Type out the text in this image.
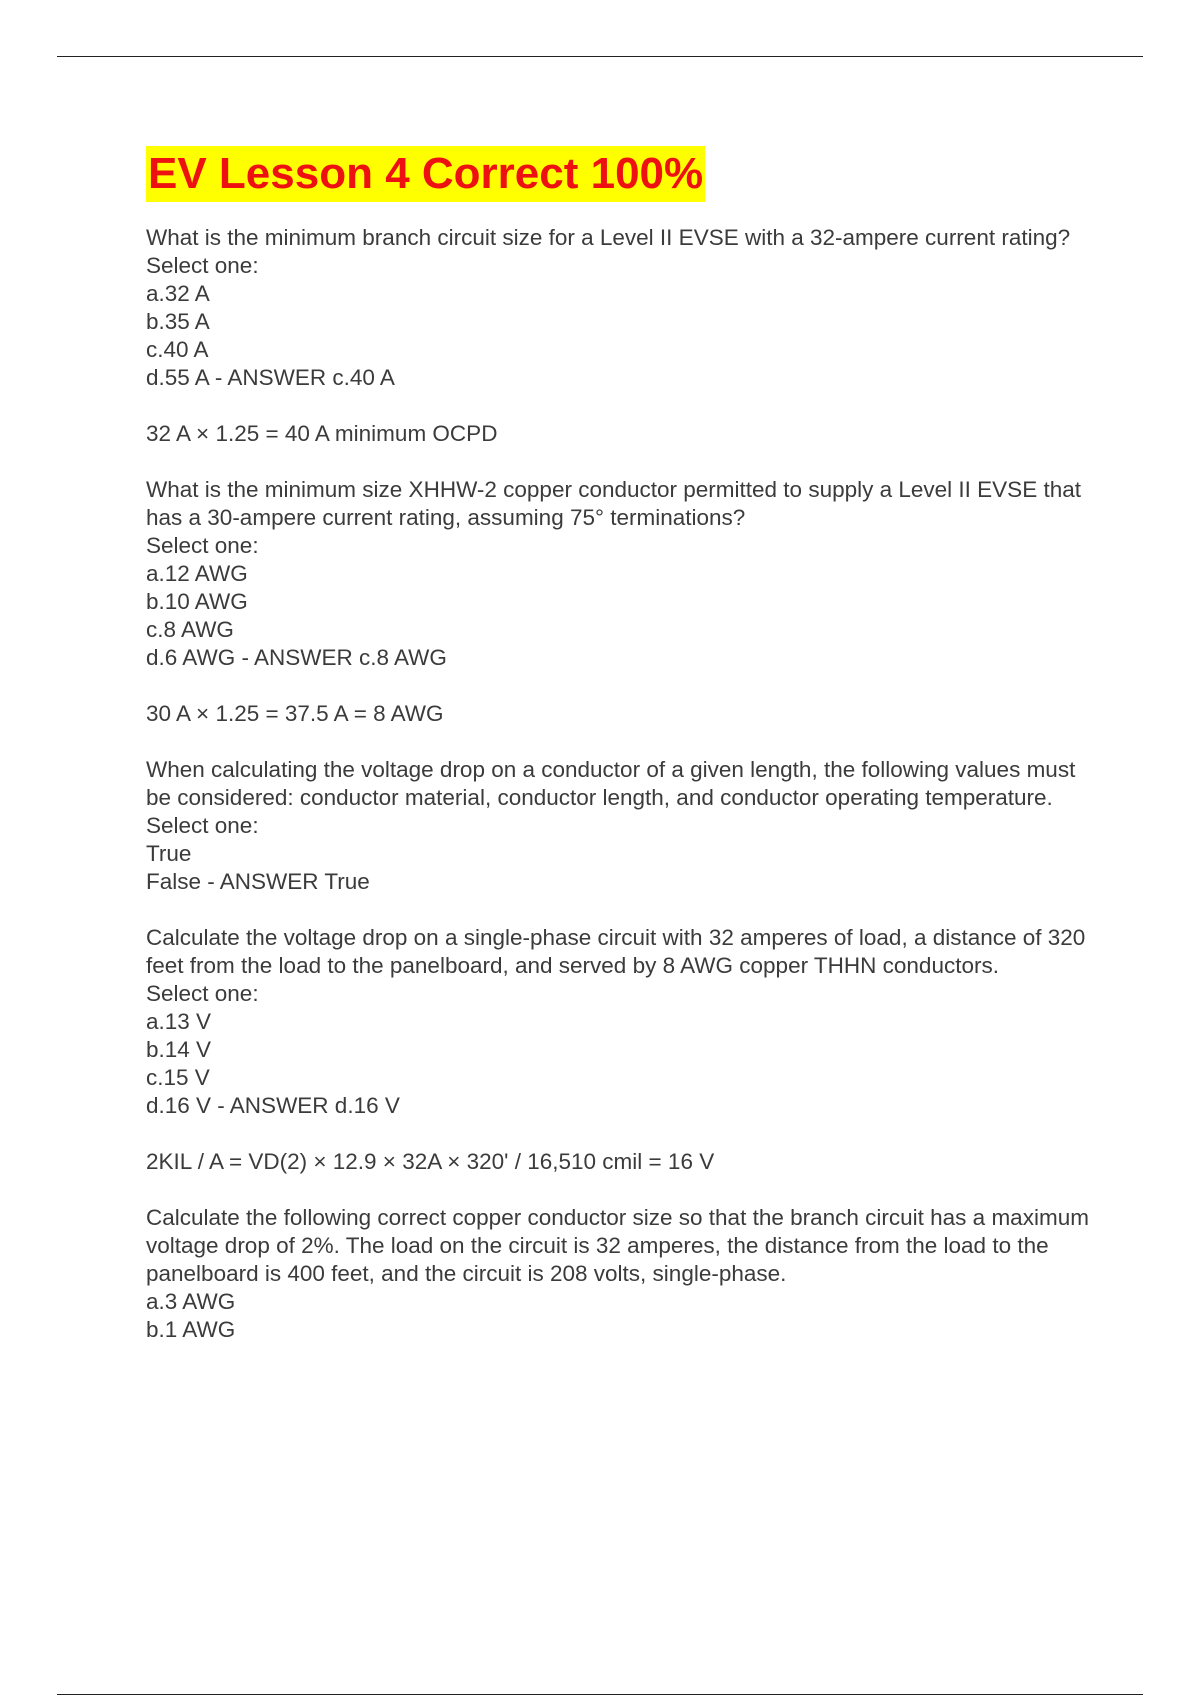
EV Lesson 4 Correct 100%
What is the minimum branch circuit size for a Level II EVSE with a 32-ampere current rating?
Select one:
a.32 A
b.35 A
c.40 A
d.55 A - ANSWER c.40 A
32 A × 1.25 = 40 A minimum OCPD
What is the minimum size XHHW-2 copper conductor permitted to supply a Level II EVSE that has a 30-ampere current rating, assuming 75° terminations?
Select one:
a.12 AWG
b.10 AWG
c.8 AWG
d.6 AWG - ANSWER c.8 AWG
30 A × 1.25 = 37.5 A = 8 AWG
When calculating the voltage drop on a conductor of a given length, the following values must be considered: conductor material, conductor length, and conductor operating temperature.
Select one:
True
False - ANSWER True
Calculate the voltage drop on a single-phase circuit with 32 amperes of load, a distance of 320 feet from the load to the panelboard, and served by 8 AWG copper THHN conductors.
Select one:
a.13 V
b.14 V
c.15 V
d.16 V - ANSWER d.16 V
2KIL / A = VD(2) × 12.9 × 32A × 320' / 16,510 cmil = 16 V
Calculate the following correct copper conductor size so that the branch circuit has a maximum voltage drop of 2%. The load on the circuit is 32 amperes, the distance from the load to the panelboard is 400 feet, and the circuit is 208 volts, single-phase.
a.3 AWG
b.1 AWG
